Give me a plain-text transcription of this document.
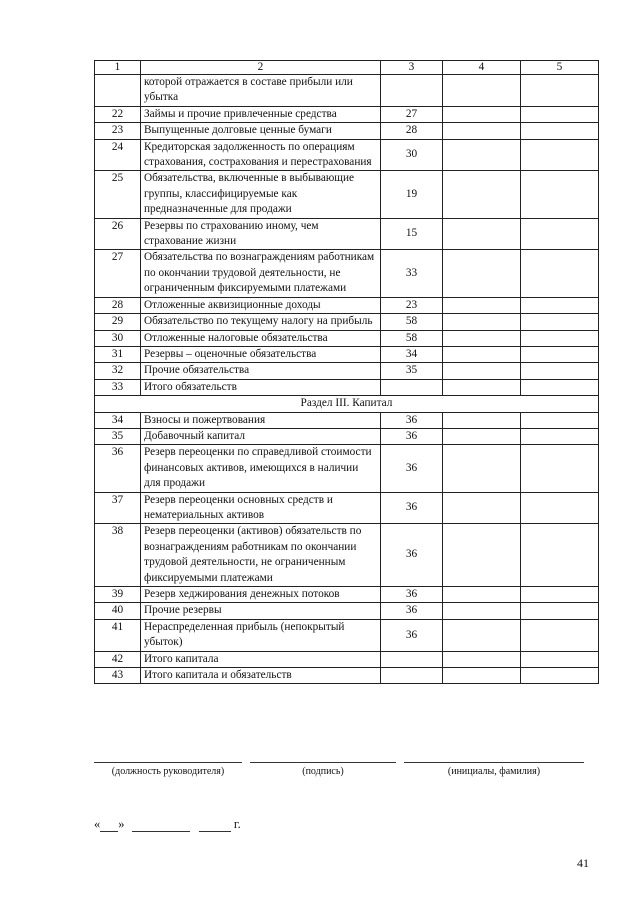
1	2	3	4	5
	которой отражается в составе прибыли или убытка			
22	Займы и прочие привлеченные средства	27		
23	Выпущенные долговые ценные бумаги	28		
24	Кредиторская задолженность по операциям страхования, сострахования и перестрахования	30		
25	Обязательства, включенные в выбывающие группы, классифицируемые как предназначенные для продажи	19		
26	Резервы по страхованию иному, чем страхование жизни	15		
27	Обязательства по вознаграждениям работникам по окончании трудовой деятельности, не ограниченным фиксируемыми платежами	33		
28	Отложенные аквизиционные доходы	23		
29	Обязательство по текущему налогу на прибыль	58		
30	Отложенные налоговые обязательства	58		
31	Резервы – оценочные обязательства	34		
32	Прочие обязательства	35		
33	Итого обязательств			
Раздел III. Капитал				
34	Взносы и пожертвования	36		
35	Добавочный капитал	36		
36	Резерв переоценки по справедливой стоимости финансовых активов, имеющихся в наличии для продажи	36		
37	Резерв переоценки основных средств и нематериальных активов	36		
38	Резерв переоценки (активов) обязательств по вознаграждениям работникам по окончании трудовой деятельности, не ограниченным фиксируемыми платежами	36		
39	Резерв хеджирования денежных потоков	36		
40	Прочие резервы	36		
41	Нераспределенная прибыль (непокрытый убыток)	36		
42	Итого капитала			
43	Итого капитала и обязательств			
(должность руководителя)	(подпись)	(инициалы, фамилия)
« »	г.
41
